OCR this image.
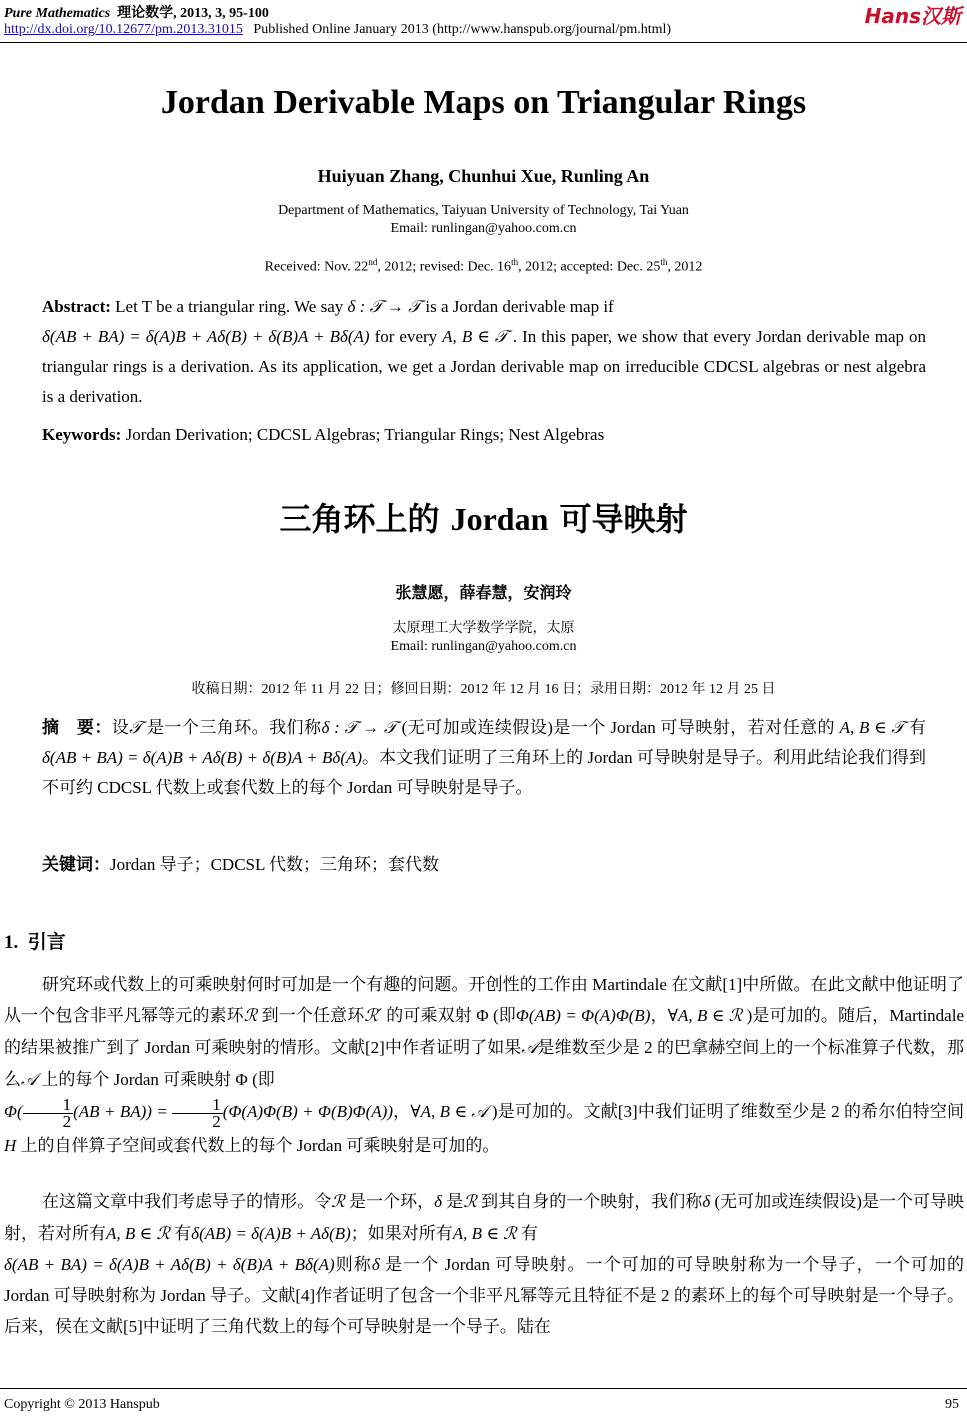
Pure Mathematics 理论数学, 2013, 3, 95-100	Hans汉斯
http://dx.doi.org/10.12677/pm.2013.31015 Published Online January 2013 (http://www.hanspub.org/journal/pm.html)
Jordan Derivable Maps on Triangular Rings
Huiyuan Zhang, Chunhui Xue, Runling An
Department of Mathematics, Taiyuan University of Technology, Tai Yuan
Email: runlingan@yahoo.com.cn
Received: Nov. 22nd, 2012; revised: Dec. 16th, 2012; accepted: Dec. 25th, 2012
Abstract: Let T be a triangular ring. We say δ : 𝒯 → 𝒯 is a Jordan derivable map if
δ(AB + BA) = δ(A)B + Aδ(B) + δ(B)A + Bδ(A) for every A, B ∈ 𝒯 . In this paper, we show that every Jordan derivable map on triangular rings is a derivation. As its application, we get a Jordan derivable map on irreducible CDCSL algebras or nest algebra is a derivation.
Keywords: Jordan Derivation; CDCSL Algebras; Triangular Rings; Nest Algebras
三角环上的 Jordan 可导映射
张慧愿，薛春慧，安润玲
太原理工大学数学学院，太原
Email: runlingan@yahoo.com.cn
收稿日期：2012 年 11 月 22 日；修回日期：2012 年 12 月 16 日；录用日期：2012 年 12 月 25 日
摘　要：设𝒯 是一个三角环。我们称δ : 𝒯 → 𝒯 (无可加或连续假设)是一个 Jordan 可导映射，若对任意的 A, B ∈ 𝒯 有δ(AB + BA) = δ(A)B + Aδ(B) + δ(B)A + Bδ(A)。本文我们证明了三角环上的 Jordan 可导映射是导子。利用此结论我们得到不可约 CDCSL 代数上或套代数上的每个 Jordan 可导映射是导子。
关键词：Jordan 导子；CDCSL 代数；三角环；套代数
1. 引言
研究环或代数上的可乘映射何时可加是一个有趣的问题。开创性的工作由 Martindale 在文献[1]中所做。在此文献中他证明了从一个包含非平凡幂等元的素环ℛ 到一个任意环ℛ′ 的可乘双射 Φ (即Φ(AB) = Φ(A)Φ(B)，∀A, B ∈ ℛ )是可加的。随后，Martindale 的结果被推广到了 Jordan 可乘映射的情形。文献[2]中作者证明了如果𝒜是维数至少是 2 的巴拿赫空间上的一个标准算子代数，那么𝒜 上的每个 Jordan 可乘映射 Φ (即
$\Phi( \frac{1}{2} (AB + BA)) = \frac{1}{2} (\Phi(A)\Phi(B) + \Phi(B)\Phi(A))$，∀A, B ∈ 𝒜 )是可加的。文献[3]中我们证明了维数至少是 2 的希尔伯特空间H 上的自伴算子空间或套代数上的每个 Jordan 可乘映射是可加的。
在这篇文章中我们考虑导子的情形。令ℛ 是一个环，δ 是ℛ 到其自身的一个映射，我们称δ (无可加或连续假设)是一个可导映射，若对所有A, B ∈ ℛ 有δ(AB) = δ(A)B + Aδ(B)；如果对所有A, B ∈ ℛ 有
δ(AB + BA) = δ(A)B + Aδ(B) + δ(B)A + Bδ(A)则称δ 是一个 Jordan 可导映射。一个可加的可导映射称为一个导子，一个可加的 Jordan 可导映射称为 Jordan 导子。文献[4]作者证明了包含一个非平凡幂等元且特征不是 2 的素环上的每个可导映射是一个导子。后来，侯在文献[5]中证明了三角代数上的每个可导映射是一个导子。陆在
Copyright © 2013 Hanspub	95
